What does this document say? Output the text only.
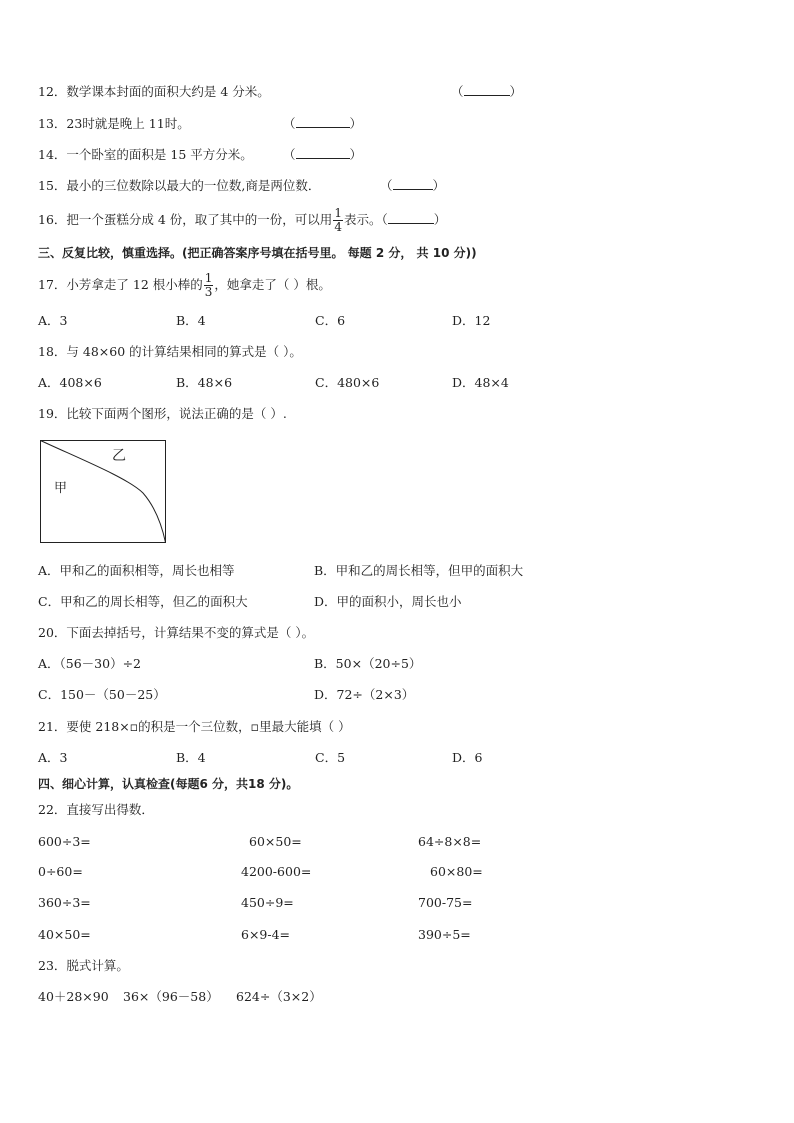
12．数学课本封面的面积大约是 4 分米。	（	）
13．23时就是晚上 11时。	（	）
14．一个卧室的面积是 15 平方分米。 （	）
15．最小的三位数除以最大的一位数,商是两位数．	（	）
16．把一个蛋糕分成 4 份，取了其中的一份，可以用 $\frac{1}{4}$ 表示。（	）
三、反复比较，慎重选择。(把正确答案序号填在括号里。 每题 2 分， 共 10 分))
17．小芳拿走了 12 根小棒的 $\frac{1}{3}$ ，她拿走了（ ）根。
A．3	B．4	C．6	D．12
18．与 48×60 的计算结果相同的算式是（ ）。
A．408×6	B．48×6	C．480×6	D．48×4
19．比较下面两个图形，说法正确的是（ ）.
乙
甲
A．甲和乙的面积相等，周长也相等	B．甲和乙的周长相等，但甲的面积大
C．甲和乙的周长相等，但乙的面积大	D．甲的面积小，周长也小
20．下面去掉括号，计算结果不变的算式是（ ）。
A．（56－30）÷2	B．50×（20÷5）
C．150－（50－25）	D．72÷（2×3）
21．要使 218×▫的积是一个三位数，▫里最大能填（ ）
A．3	B．4	C．5	D．6
四、细心计算，认真检查(每题6 分，共18 分)。
22．直接写出得数．
600÷3=	60×50=	64÷8×8=
0÷60=	4200-600=	60×80=
360÷3=	450÷9=	700-75=
40×50=	6×9-4=	390÷5=
23．脱式计算。
40＋28×90 36×（96－58） 624÷（3×2）
